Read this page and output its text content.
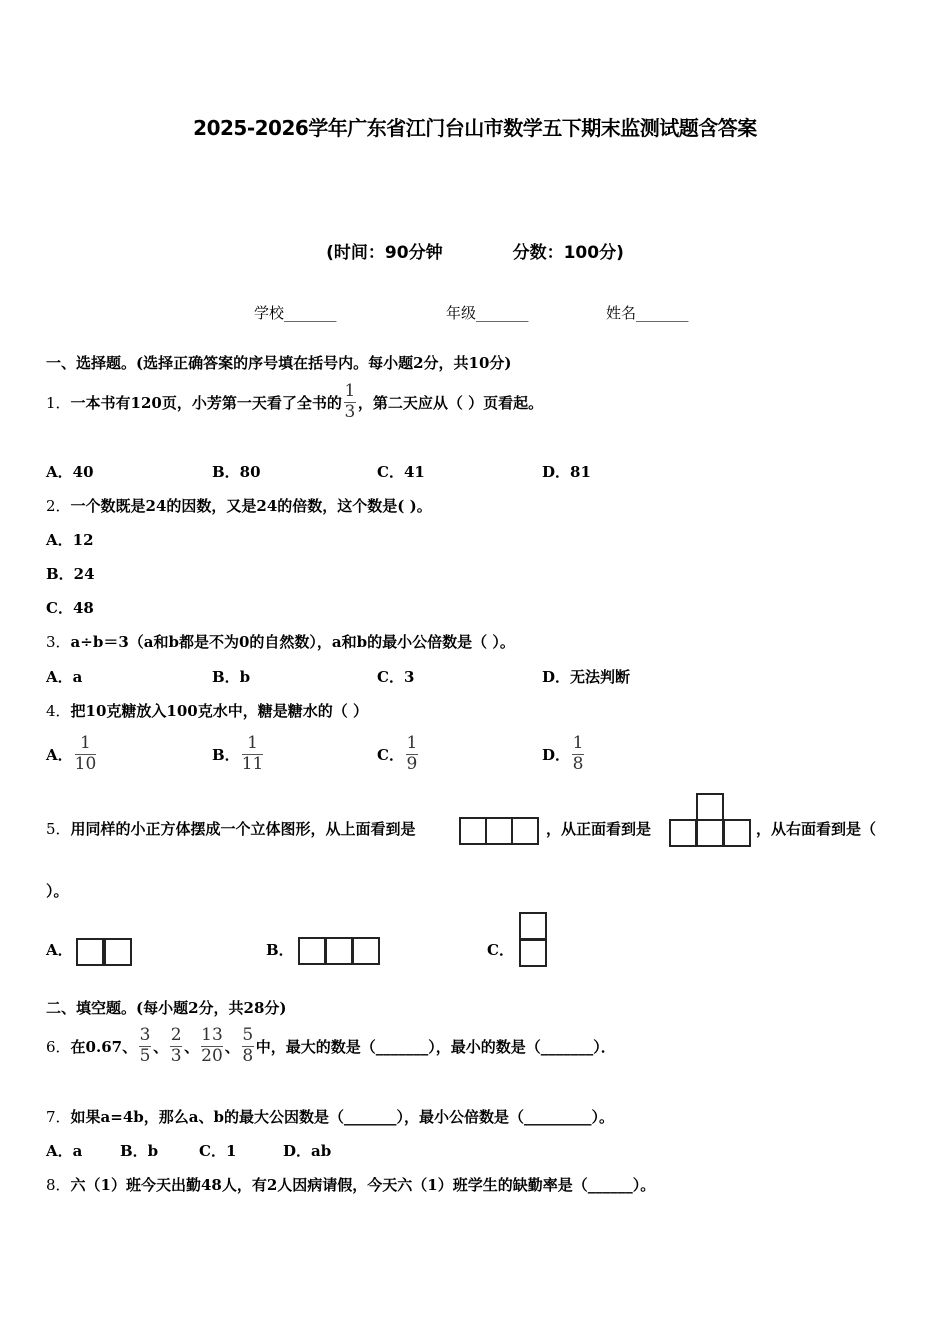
2025-2026学年广东省江门台山市数学五下期末监测试题含答案
(时间：90分钟	分数：100分)
学校_______	年级_______	姓名_______
一、选择题。(选择正确答案的序号填在括号内。每小题2分，共10分)
1． 一本书有120页，小芳第一天看了全书的 $\frac{1}{3}$ ，第二天应从（ ）页看起。
A．40	B．80	C．41	D．81
2．一个数既是24的因数，又是24的倍数，这个数是( )。
A．12
B．24
C．48
3．a÷b＝3（a和b都是不为0的自然数），a和b的最小公倍数是（ ）。
A．a	B．b	C．3	D．无法判断
4．把10克糖放入100克水中，糖是糖水的（ ）
A． $\frac{1}{10}$	B． $\frac{1}{11}$	C． $\frac{1}{9}$	D． $\frac{1}{8}$
5．用同样的小正方体摆成一个立体图形，从上面看到是	，从正面看到是	，从右面看到是（
）。
A．	B．	C．
二、填空题。(每小题2分，共28分)
6． 在0.67、 $\frac{3}{5}$ 、 $\frac{2}{3}$ 、 $\frac{13}{20}$ 、 $\frac{5}{8}$ 中，最大的数是（_______），最小的数是（_______）．
7．如果a=4b，那么a、b的最大公因数是（_______），最小公倍数是（_________）。
A．a	B．b	C．1	D．ab
8．六（1）班今天出勤48人，有2人因病请假，今天六（1）班学生的缺勤率是（______）。
